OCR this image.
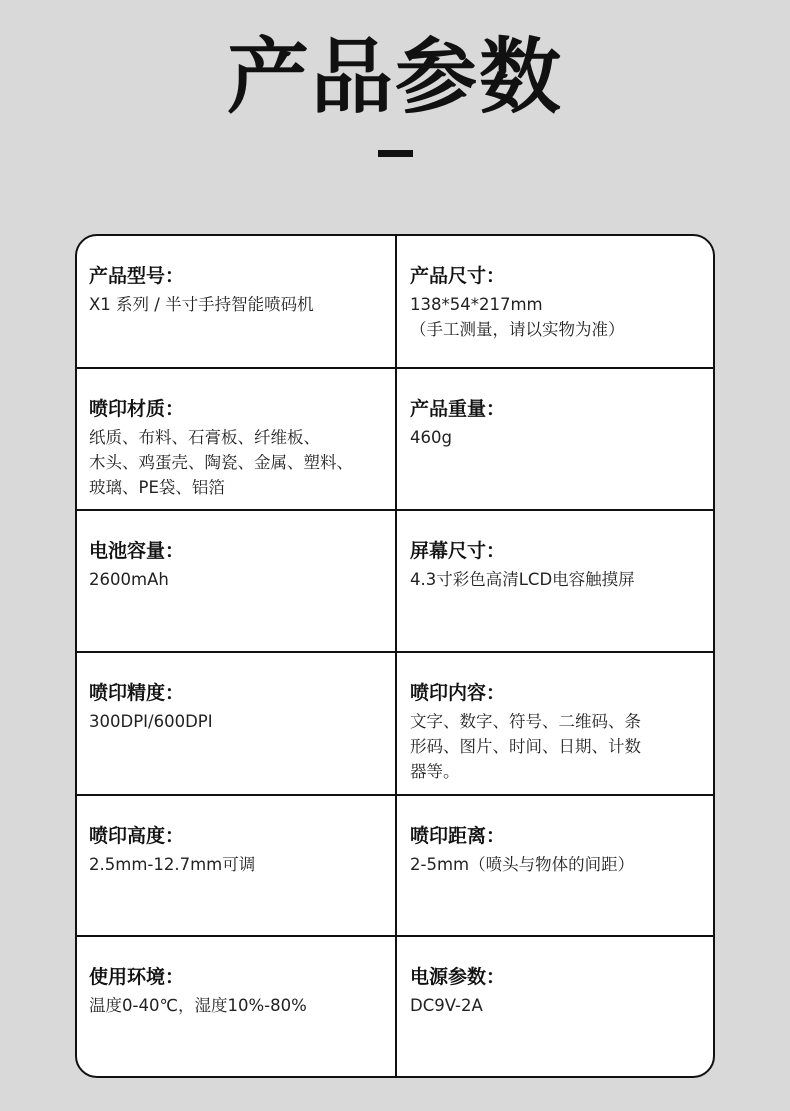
产品参数
产品型号：
X1 系列 / 半寸手持智能喷码机
产品尺寸：
138*54*217mm
（手工测量，请以实物为准）
喷印材质：
纸质、布料、石膏板、纤维板、
木头、鸡蛋壳、陶瓷、金属、塑料、
玻璃、PE袋、铝箔
产品重量：
460g
电池容量：
2600mAh
屏幕尺寸：
4.3寸彩色高清LCD电容触摸屏
喷印精度：
300DPI/600DPI
喷印内容：
文字、数字、符号、二维码、条
形码、图片、时间、日期、计数
器等。
喷印高度：
2.5mm-12.7mm可调
喷印距离：
2-5mm（喷头与物体的间距）
使用环境：
温度0-40℃，湿度10%-80%
电源参数：
DC9V-2A
